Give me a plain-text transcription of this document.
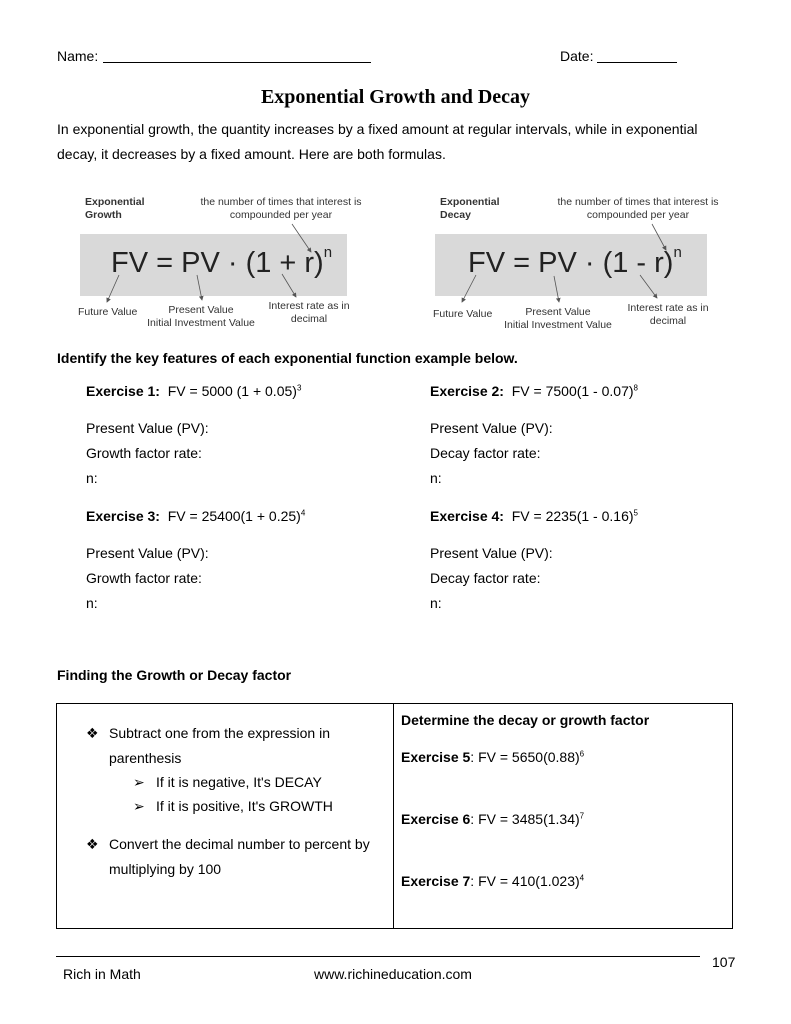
Name:	Date:
Exponential Growth and Decay
In exponential growth, the quantity increases by a fixed amount at regular intervals, while in exponential decay, it decreases by a fixed amount. Here are both formulas.
Exponential
Growth
the number of times that interest is
compounded per year
FV = PV · $(1 + r)^n$
Future Value	Present Value
Initial Investment Value
Interest rate as in
decimal
Exponential
Decay
the number of times that interest is
compounded per year
FV = PV · (1 - r)$^n$
Future Value	Present Value
Initial Investment Value
Interest rate as in
decimal
Identify the key features of each exponential function example below.
Exercise 1: FV = 5000 $(1 + 0.05)^3$
Present Value (PV):
Growth factor rate:
n:
Exercise 2: FV = 7500(1 - 0.07)$^8$
Present Value (PV):
Decay factor rate:
n:
Exercise 3: FV = $25400(1 + 0.25)^4$
Present Value (PV):
Growth factor rate:
n:
Exercise 4: FV = 2235(1 - 0.16)$^5$
Present Value (PV):
Decay factor rate:
n:
Finding the Growth or Decay factor
❖ Subtract one from the expression in
parenthesis
➢ If it is negative, It's DECAY
➢ If it is positive, It's GROWTH
❖ Convert the decimal number to percent by
multiplying by 100
Determine the decay or growth factor
Exercise 5: FV = $5650(0.88)^6$
Exercise 6: FV = $3485(1.34)^7$
Exercise 7: FV = $410(1.023)^4$
107
Rich in Math	www.richineducation.com
